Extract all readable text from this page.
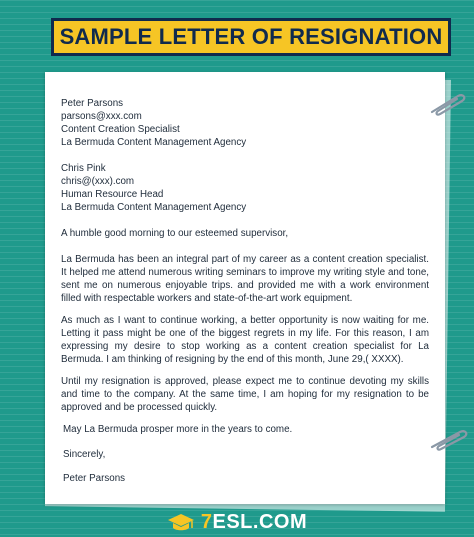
SAMPLE LETTER OF RESIGNATION
Peter Parsons
parsons@xxx.com
Content Creation Specialist
La Bermuda Content Management Agency
Chris Pink
chris@(xxx).com
Human Resource Head
La Bermuda Content Management Agency
A humble good morning to our esteemed supervisor,
La Bermuda has been an integral part of my career as a content creation specialist. It helped me attend numerous writing seminars to improve my writing style and tone, sent me on numerous enjoyable trips. and provided me with a work environment filled with respectable workers and state-of-the-art work equipment.
As much as I want to continue working, a better opportunity is now waiting for me. Letting it pass might be one of the biggest regrets in my life. For this reason, I am expressing my desire to stop working as a content creation specialist for La Bermuda. I am thinking of resigning by the end of this month, June 29,( XXXX).
Until my resignation is approved, please expect me to continue devoting my skills and time to the company. At the same time, I am hoping for my resignation to be approved and be processed quickly.
May La Bermuda prosper more in the years to come.
Sincerely,
Peter Parsons
7ESL.COM
